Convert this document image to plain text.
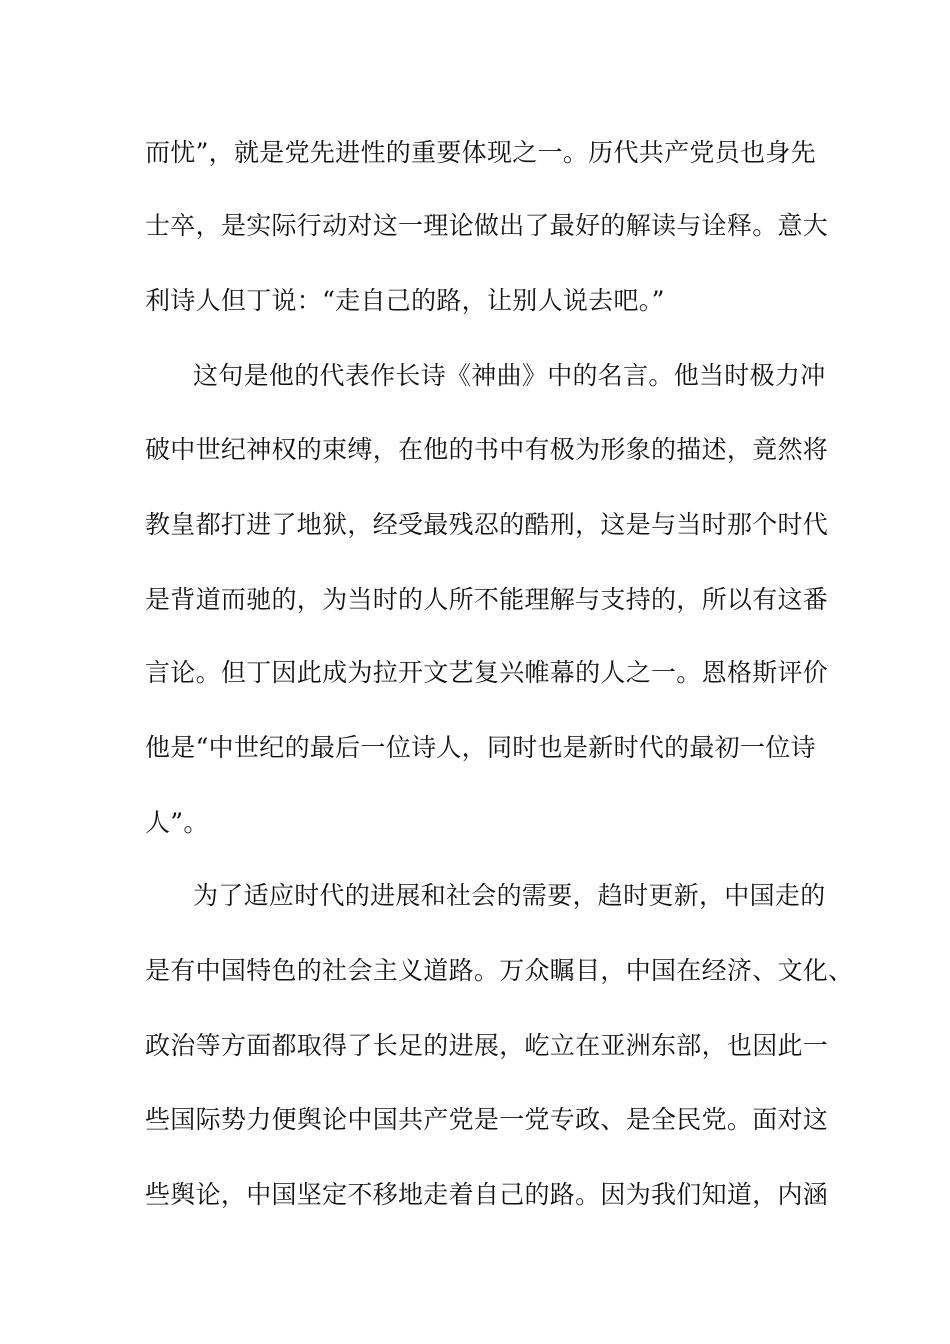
而忧”，就是党先进性的重要体现之一。历代共产党员也身先
士卒，是实际行动对这一理论做出了最好的解读与诠释。意大
利诗人但丁说：“走自己的路，让别人说去吧。”
这句是他的代表作长诗《神曲》中的名言。他当时极力冲
破中世纪神权的束缚，在他的书中有极为形象的描述，竟然将
教皇都打进了地狱，经受最残忍的酷刑，这是与当时那个时代
是背道而驰的，为当时的人所不能理解与支持的，所以有这番
言论。但丁因此成为拉开文艺复兴帷幕的人之一。恩格斯评价
他是“中世纪的最后一位诗人，同时也是新时代的最初一位诗
人”。
为了适应时代的进展和社会的需要，趋时更新，中国走的
是有中国特色的社会主义道路。万众瞩目，中国在经济、文化、
政治等方面都取得了长足的进展，屹立在亚洲东部，也因此一
些国际势力便舆论中国共产党是一党专政、是全民党。面对这
些舆论，中国坚定不移地走着自己的路。因为我们知道，内涵
